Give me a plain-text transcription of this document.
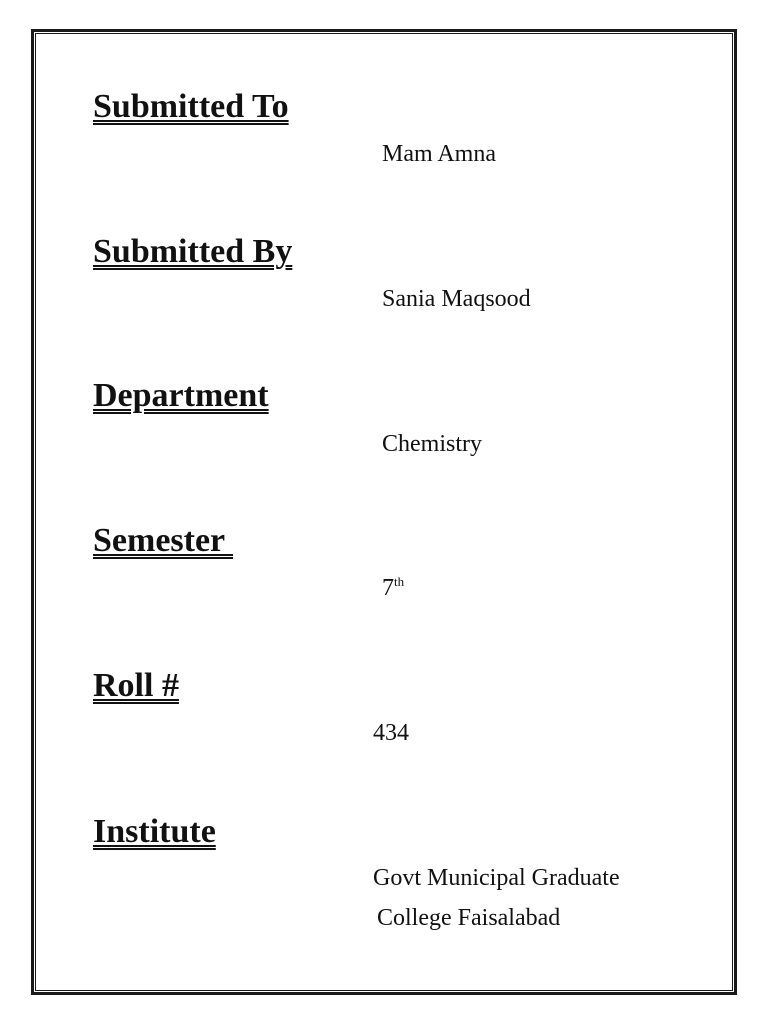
Submitted To

Mam Amna

Submitted By

Sania Maqsood

Department

Chemistry

Semester

7th

Roll #

434

Institute

Govt Municipal Graduate

College Faisalabad
